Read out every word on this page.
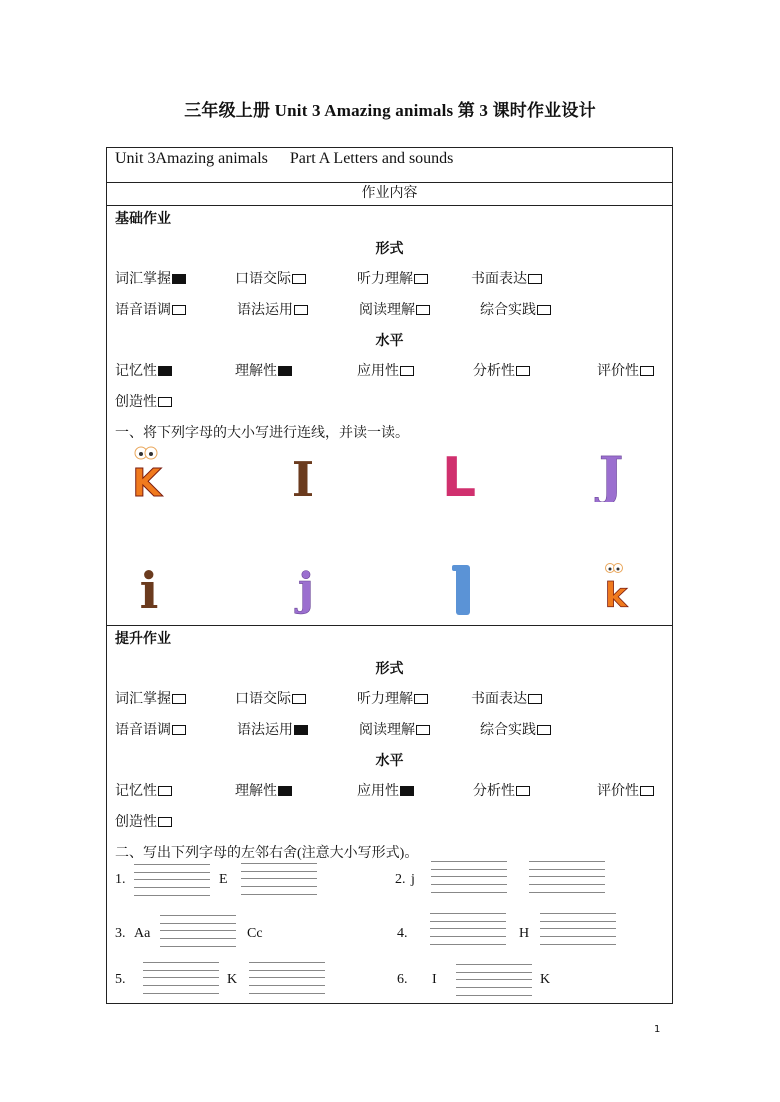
三年级上册 Unit 3 Amazing animals 第 3 课时作业设计
Unit 3Amazing animals Part A Letters and sounds
作业内容
基础作业
形式
词汇掌握	口语交际	听力理解	书面表达
语音语调	语法运用	阅读理解	综合实践
水平
记忆性	理解性	应用性	分析性	评价性
创造性
一、将下列字母的大小写进行连线，并读一读。
K	I L J
i	j	k
提升作业
形式
词汇掌握	口语交际	听力理解	书面表达
语音语调	语法运用	阅读理解	综合实践
水平
记忆性	理解性	应用性	分析性	评价性
创造性
二、写出下列字母的左邻右舍(注意大小写形式)。
1.	E	2. j
3. Aa	Cc	4.	H
5.	K	6. I	K
1
